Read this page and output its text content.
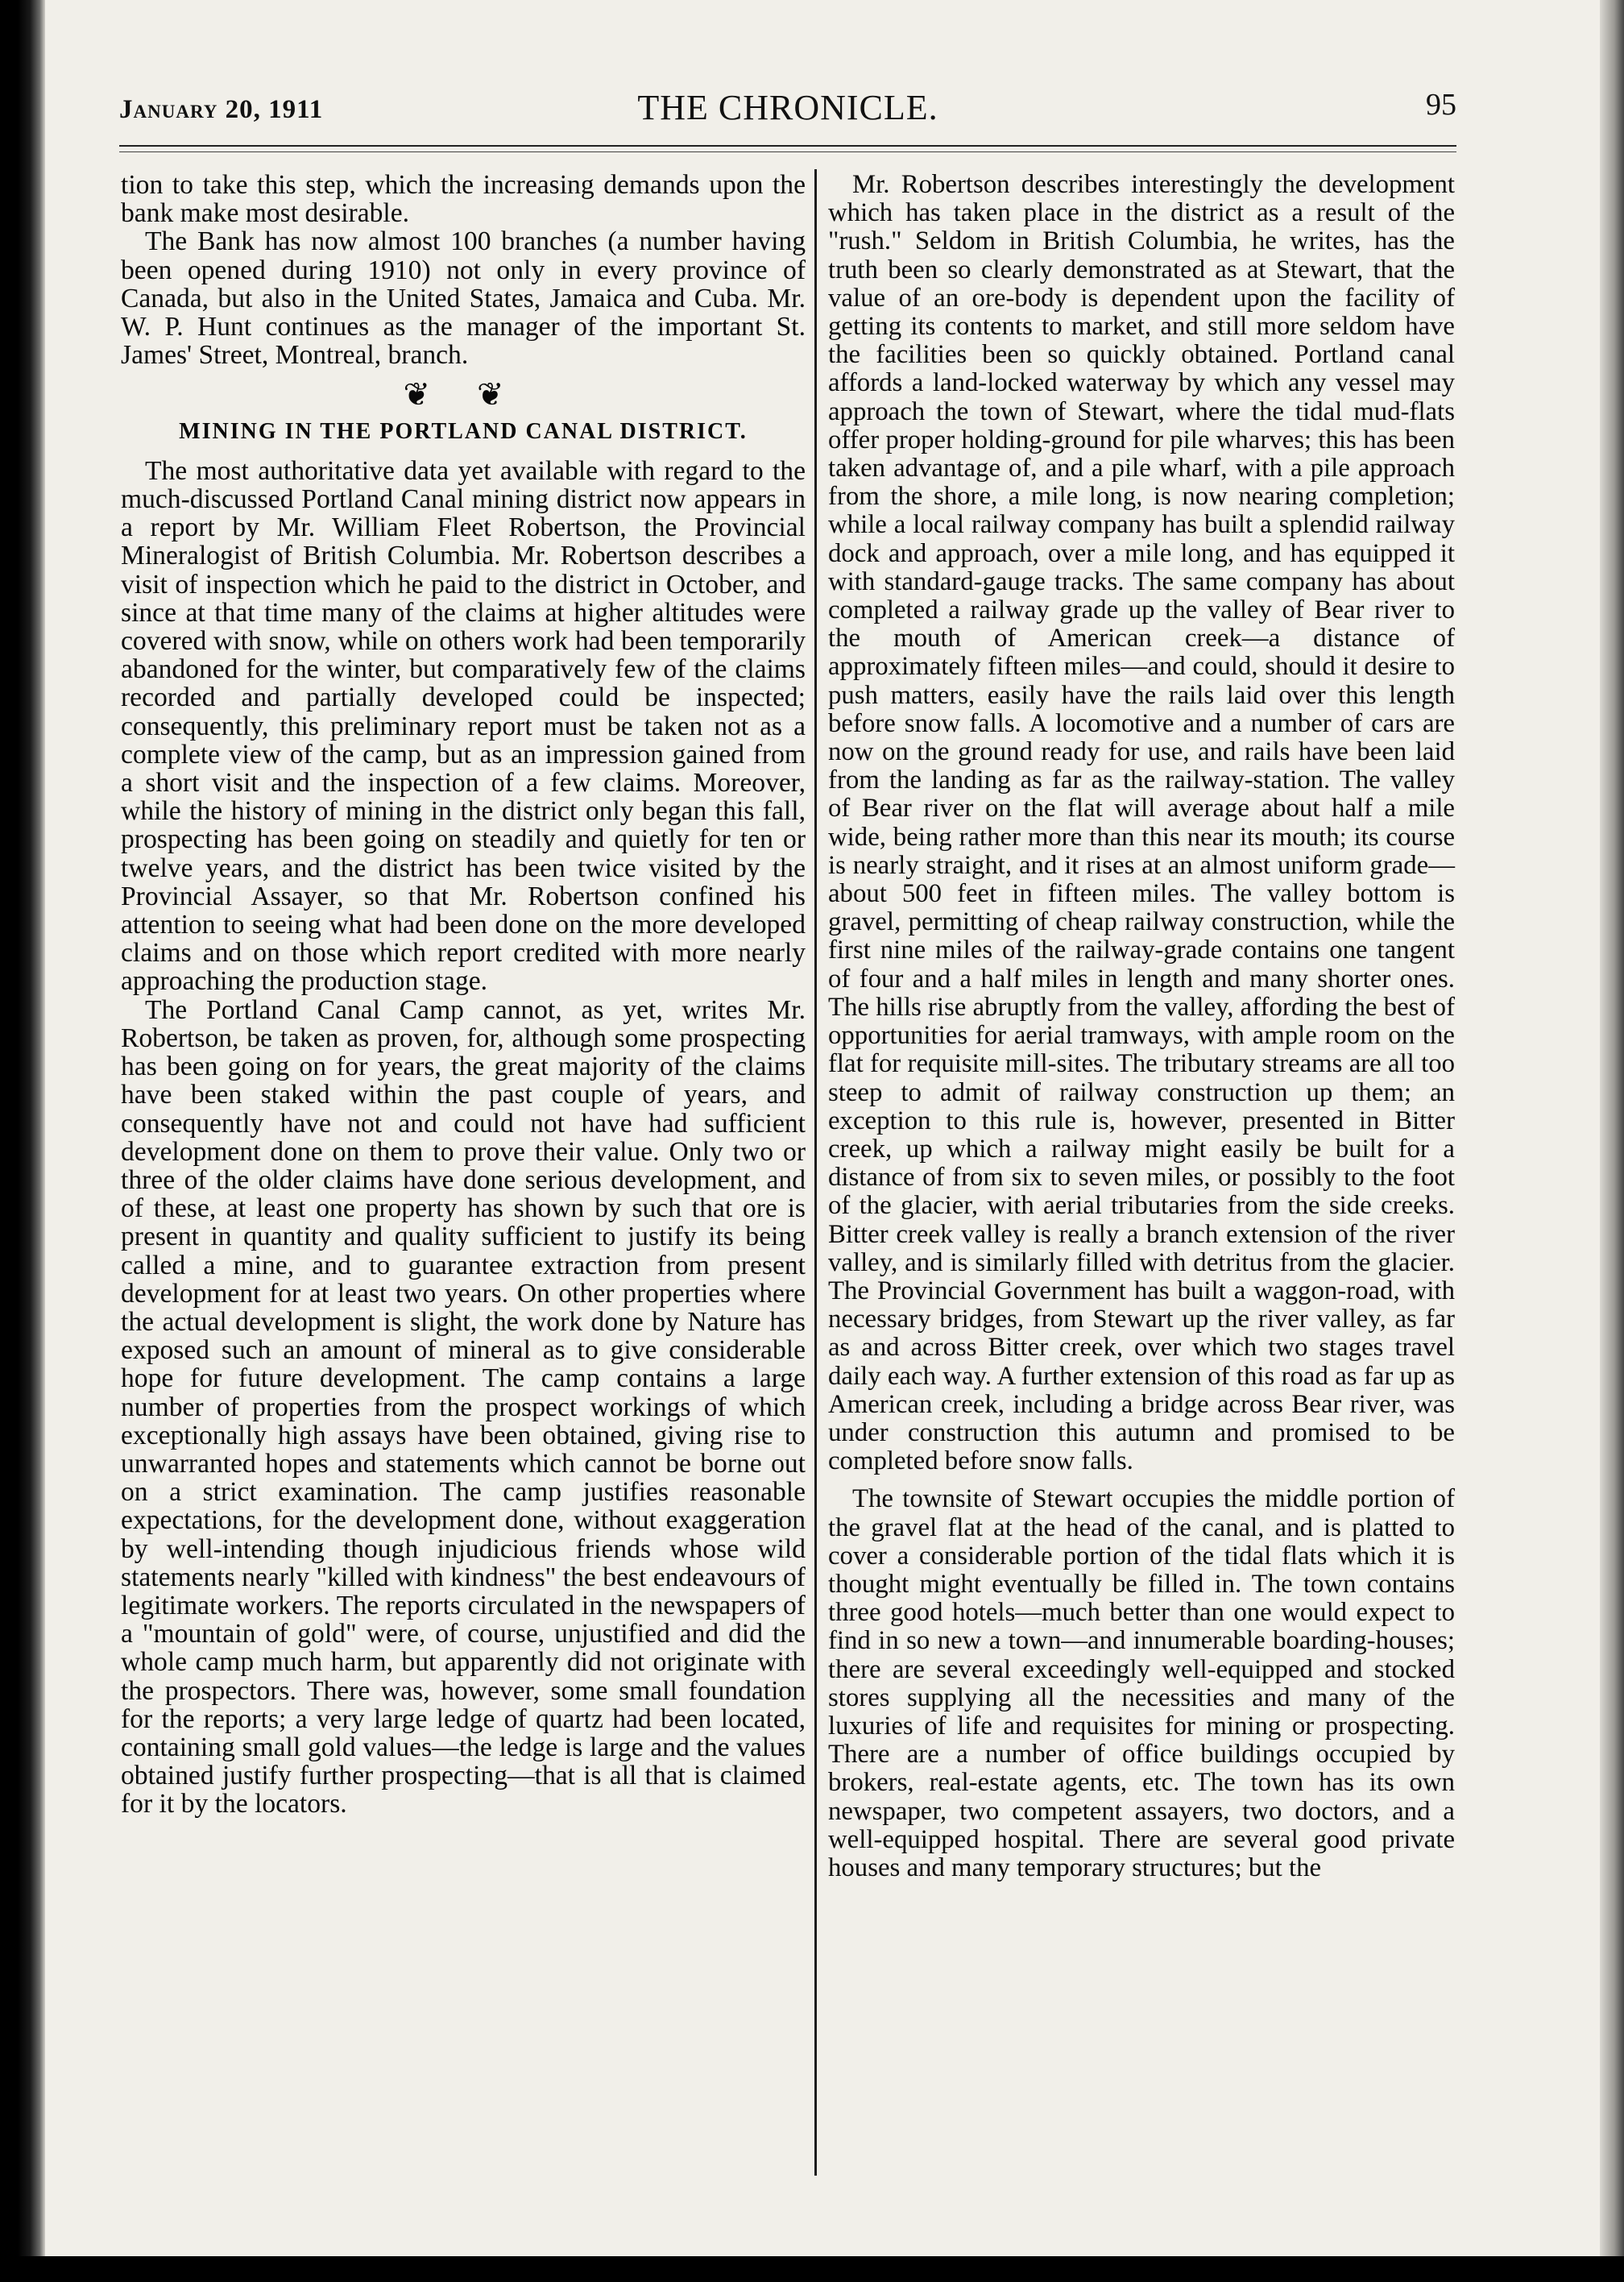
January 20, 1911	THE CHRONICLE.	95

tion to take this step, which the increasing demands upon the bank make most desirable.

The Bank has now almost 100 branches (a number having been opened during 1910) not only in every province of Canada, but also in the United States, Jamaica and Cuba. Mr. W. P. Hunt continues as the manager of the important St. James' Street, Montreal, branch.

❦ ❦
MINING IN THE PORTLAND CANAL DISTRICT.

The most authoritative data yet available with regard to the much-discussed Portland Canal mining district now appears in a report by Mr. William Fleet Robertson, the Provincial Mineralogist of British Columbia. Mr. Robertson describes a visit of inspection which he paid to the district in October, and since at that time many of the claims at higher altitudes were covered with snow, while on others work had been temporarily abandoned for the winter, but comparatively few of the claims recorded and partially developed could be inspected; consequently, this preliminary report must be taken not as a complete view of the camp, but as an impression gained from a short visit and the inspection of a few claims. Moreover, while the history of mining in the district only began this fall, prospecting has been going on steadily and quietly for ten or twelve years, and the district has been twice visited by the Provincial Assayer, so that Mr. Robertson confined his attention to seeing what had been done on the more developed claims and on those which report credited with more nearly approaching the production stage.

The Portland Canal Camp cannot, as yet, writes Mr. Robertson, be taken as proven, for, although some prospecting has been going on for years, the great majority of the claims have been staked within the past couple of years, and consequently have not and could not have had sufficient development done on them to prove their value. Only two or three of the older claims have done serious development, and of these, at least one property has shown by such that ore is present in quantity and quality sufficient to justify its being called a mine, and to guarantee extraction from present development for at least two years. On other properties where the actual development is slight, the work done by Nature has exposed such an amount of mineral as to give considerable hope for future development. The camp contains a large number of properties from the prospect workings of which exceptionally high assays have been obtained, giving rise to unwarranted hopes and statements which cannot be borne out on a strict examination. The camp justifies reasonable expectations, for the development done, without exaggeration by well-intending though injudicious friends whose wild statements nearly "killed with kindness" the best endeavours of legitimate workers. The reports circulated in the newspapers of a "mountain of gold" were, of course, unjustified and did the whole camp much harm, but apparently did not originate with the prospectors. There was, however, some small foundation for the reports; a very large ledge of quartz had been located, containing small gold values—the ledge is large and the values obtained justify further prospecting—that is all that is claimed for it by the locators.

Mr. Robertson describes interestingly the development which has taken place in the district as a result of the "rush." Seldom in British Columbia, he writes, has the truth been so clearly demonstrated as at Stewart, that the value of an ore-body is dependent upon the facility of getting its contents to market, and still more seldom have the facilities been so quickly obtained. Portland canal affords a land-locked waterway by which any vessel may approach the town of Stewart, where the tidal mud-flats offer proper holding-ground for pile wharves; this has been taken advantage of, and a pile wharf, with a pile approach from the shore, a mile long, is now nearing completion; while a local railway company has built a splendid railway dock and approach, over a mile long, and has equipped it with standard-gauge tracks. The same company has about completed a railway grade up the valley of Bear river to the mouth of American creek—a distance of approximately fifteen miles—and could, should it desire to push matters, easily have the rails laid over this length before snow falls. A locomotive and a number of cars are now on the ground ready for use, and rails have been laid from the landing as far as the railway-station. The valley of Bear river on the flat will average about half a mile wide, being rather more than this near its mouth; its course is nearly straight, and it rises at an almost uniform grade—about 500 feet in fifteen miles. The valley bottom is gravel, permitting of cheap railway construction, while the first nine miles of the railway-grade contains one tangent of four and a half miles in length and many shorter ones. The hills rise abruptly from the valley, affording the best of opportunities for aerial tramways, with ample room on the flat for requisite mill-sites. The tributary streams are all too steep to admit of railway construction up them; an exception to this rule is, however, presented in Bitter creek, up which a railway might easily be built for a distance of from six to seven miles, or possibly to the foot of the glacier, with aerial tributaries from the side creeks. Bitter creek valley is really a branch extension of the river valley, and is similarly filled with detritus from the glacier. The Provincial Government has built a waggon-road, with necessary bridges, from Stewart up the river valley, as far as and across Bitter creek, over which two stages travel daily each way. A further extension of this road as far up as American creek, including a bridge across Bear river, was under construction this autumn and promised to be completed before snow falls.

The townsite of Stewart occupies the middle portion of the gravel flat at the head of the canal, and is platted to cover a considerable portion of the tidal flats which it is thought might eventually be filled in. The town contains three good hotels—much better than one would expect to find in so new a town—and innumerable boarding-houses; there are several exceedingly well-equipped and stocked stores supplying all the necessities and many of the luxuries of life and requisites for mining or prospecting. There are a number of office buildings occupied by brokers, real-estate agents, etc. The town has its own newspaper, two competent assayers, two doctors, and a well-equipped hospital. There are several good private houses and many temporary structures; but the
